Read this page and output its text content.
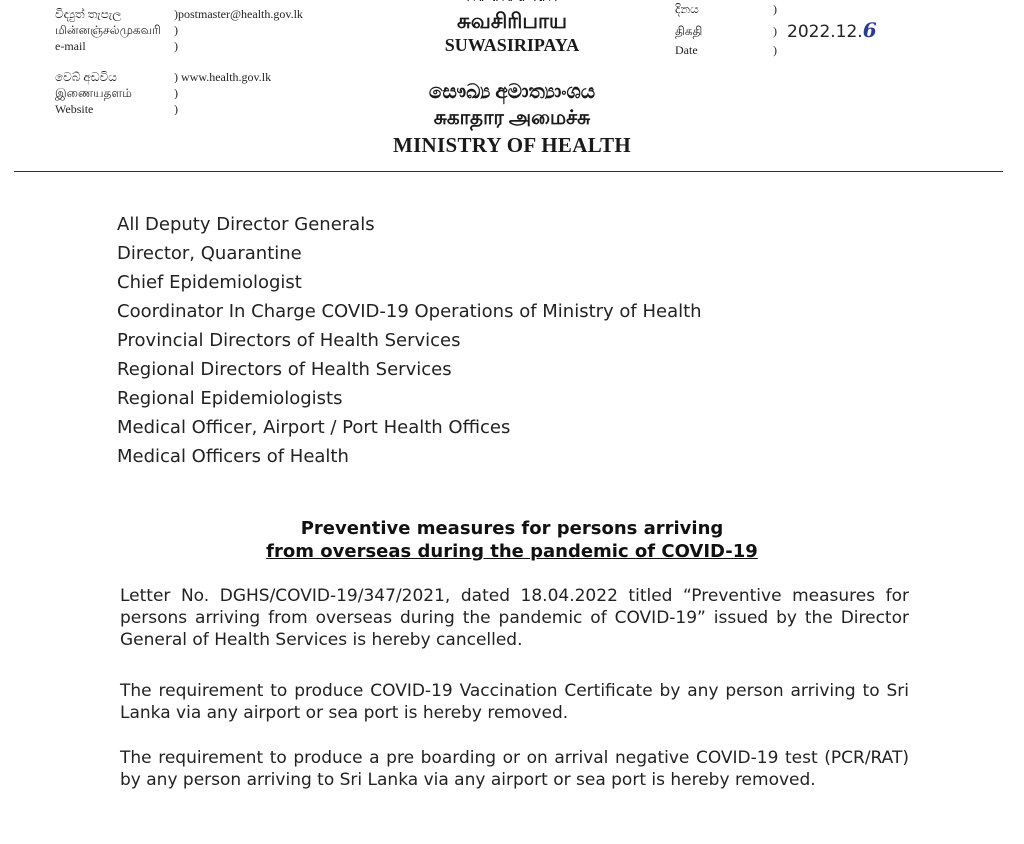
විද්‍යුත් තැපැල
மின்னஞ்சல்முகவரி
e-mail
)postmaster@health.gov.lk
)
)
වෙබ් අඩවිය
இணையதளம்
Website
) www.health.gov.lk
)
)
சுவசிரிபாய
SUWASIRIPAYA
දිනය
திகதி
Date
)
)
)
2022.12.6
සෞඛ්‍ය අමාත්‍යාංශය
சுகாதார அமைச்சு
MINISTRY OF HEALTH
All Deputy Director Generals
Director, Quarantine
Chief Epidemiologist
Coordinator In Charge COVID-19 Operations of Ministry of Health
Provincial Directors of Health Services
Regional Directors of Health Services
Regional Epidemiologists
Medical Officer, Airport / Port Health Offices
Medical Officers of Health
Preventive measures for persons arriving
from overseas during the pandemic of COVID-19
Letter No. DGHS/COVID-19/347/2021, dated 18.04.2022 titled “Preventive measures for persons arriving from overseas during the pandemic of COVID-19” issued by the Director General of Health Services is hereby cancelled.
The requirement to produce COVID-19 Vaccination Certificate by any person arriving to Sri Lanka via any airport or sea port is hereby removed.
The requirement to produce a pre boarding or on arrival negative COVID-19 test (PCR/RAT) by any person arriving to Sri Lanka via any airport or sea port is hereby removed.
